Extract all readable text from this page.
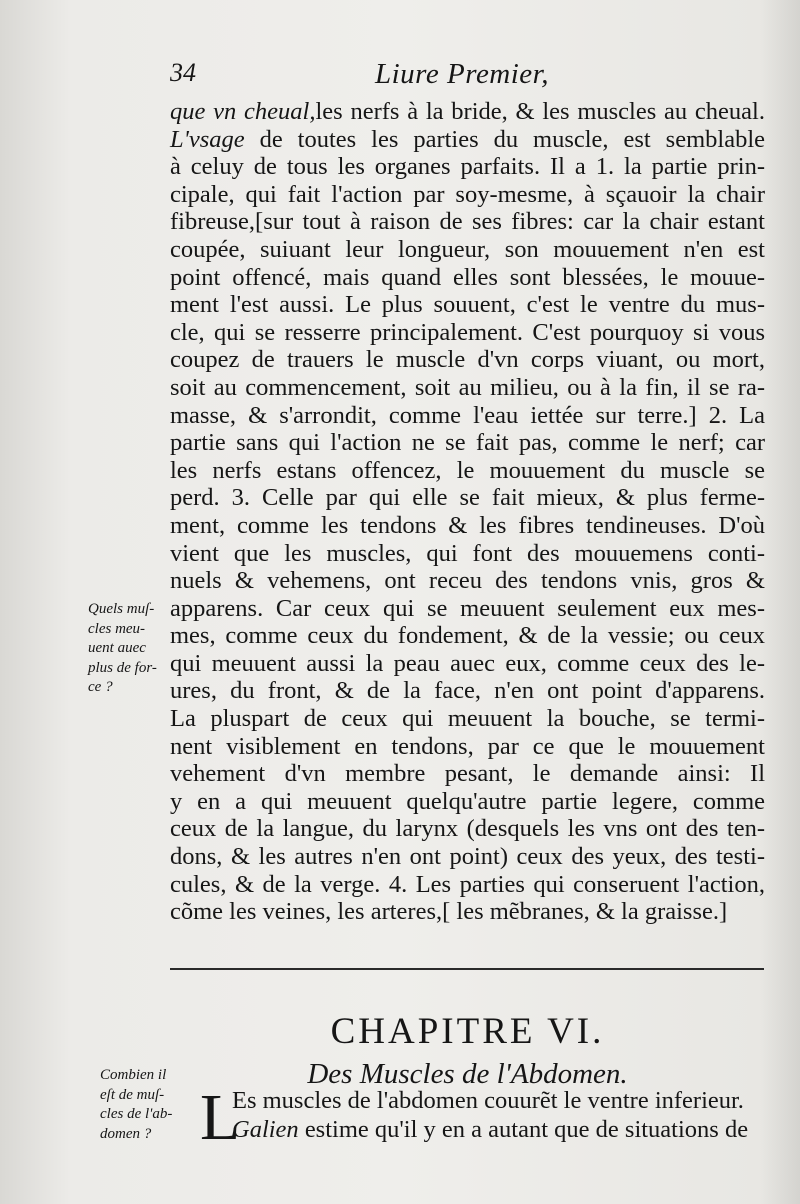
34	Liure Premier,
que vn cheual,les nerfs à la bride, & les muscles au cheual.
L'vsage de toutes les parties du muscle, est semblable
à celuy de tous les organes parfaits. Il a 1. la partie prin-
cipale, qui fait l'action par soy-mesme, à sçauoir la chair
fibreuse,[sur tout à raison de ses fibres: car la chair estant
coupée, suiuant leur longueur, son mouuement n'en est
point offencé, mais quand elles sont blessées, le mouue-
ment l'est aussi. Le plus souuent, c'est le ventre du mus-
cle, qui se resserre principalement. C'est pourquoy si vous
coupez de trauers le muscle d'vn corps viuant, ou mort,
soit au commencement, soit au milieu, ou à la fin, il se ra-
masse, & s'arrondit, comme l'eau iettée sur terre.] 2. La
partie sans qui l'action ne se fait pas, comme le nerf; car
les nerfs estans offencez, le mouuement du muscle se
perd. 3. Celle par qui elle se fait mieux, & plus ferme-
ment, comme les tendons & les fibres tendineuses. D'où
vient que les muscles, qui font des mouuemens conti-
nuels & vehemens, ont receu des tendons vnis, gros &
apparens. Car ceux qui se meuuent seulement eux mes-
mes, comme ceux du fondement, & de la vessie; ou ceux
qui meuuent aussi la peau auec eux, comme ceux des le-
ures, du front, & de la face, n'en ont point d'apparens.
La pluspart de ceux qui meuuent la bouche, se termi-
nent visiblement en tendons, par ce que le mouuement
vehement d'vn membre pesant, le demande ainsi: Il
y en a qui meuuent quelqu'autre partie legere, comme
ceux de la langue, du larynx (desquels les vns ont des ten-
dons, & les autres n'en ont point) ceux des yeux, des testi-
cules, & de la verge. 4. Les parties qui conseruent l'action,
cõme les veines, les arteres,[ les mẽbranes, & la graisse.]
Quels muſ-
cles meu-
uent auec
plus de for-
ce ?
CHAPITRE VI.
Des Muscles de l'Abdomen.
L
Es muscles de l'abdomen couurẽt le ventre inferieur.
Galien estime qu'il y en a autant que de situations de
Combien il
eſt de muſ-
cles de l'ab-
domen ?
